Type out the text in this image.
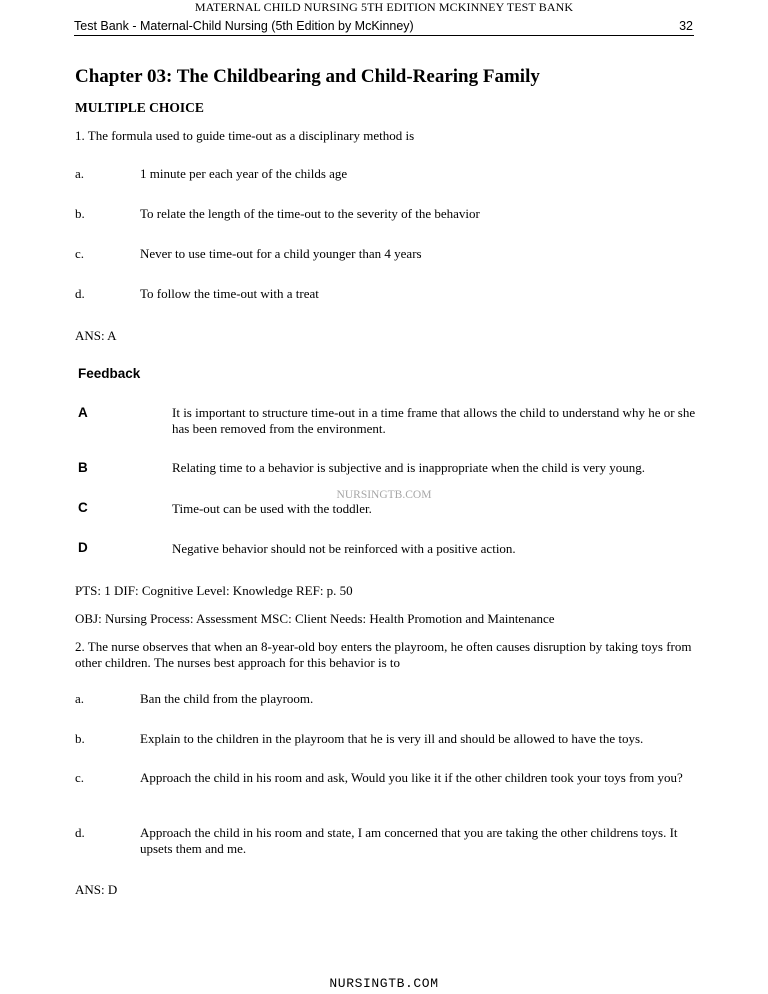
MATERNAL CHILD NURSING 5TH EDITION MCKINNEY TEST BANK
Test Bank - Maternal-Child Nursing (5th Edition by McKinney)	32
Chapter 03: The Childbearing and Child-Rearing Family
MULTIPLE CHOICE
1. The formula used to guide time-out as a disciplinary method is
a.	1 minute per each year of the childs age
b.	To relate the length of the time-out to the severity of the behavior
c.	Never to use time-out for a child younger than 4 years
d.	To follow the time-out with a treat
ANS: A
Feedback
A	It is important to structure time-out in a time frame that allows the child to understand why he or she has been removed from the environment.
B	Relating time to a behavior is subjective and is inappropriate when the child is very young.
NURSINGTB.COM
C	Time-out can be used with the toddler.
D	Negative behavior should not be reinforced with a positive action.
PTS: 1 DIF: Cognitive Level: Knowledge REF: p. 50
OBJ: Nursing Process: Assessment MSC: Client Needs: Health Promotion and Maintenance
2. The nurse observes that when an 8-year-old boy enters the playroom, he often causes disruption by taking toys from other children. The nurses best approach for this behavior is to
a.	Ban the child from the playroom.
b.	Explain to the children in the playroom that he is very ill and should be allowed to have the toys.
c.	Approach the child in his room and ask, Would you like it if the other children took your toys from you?
d.	Approach the child in his room and state, I am concerned that you are taking the other childrens toys. It upsets them and me.
ANS: D
NURSINGTB.COM
